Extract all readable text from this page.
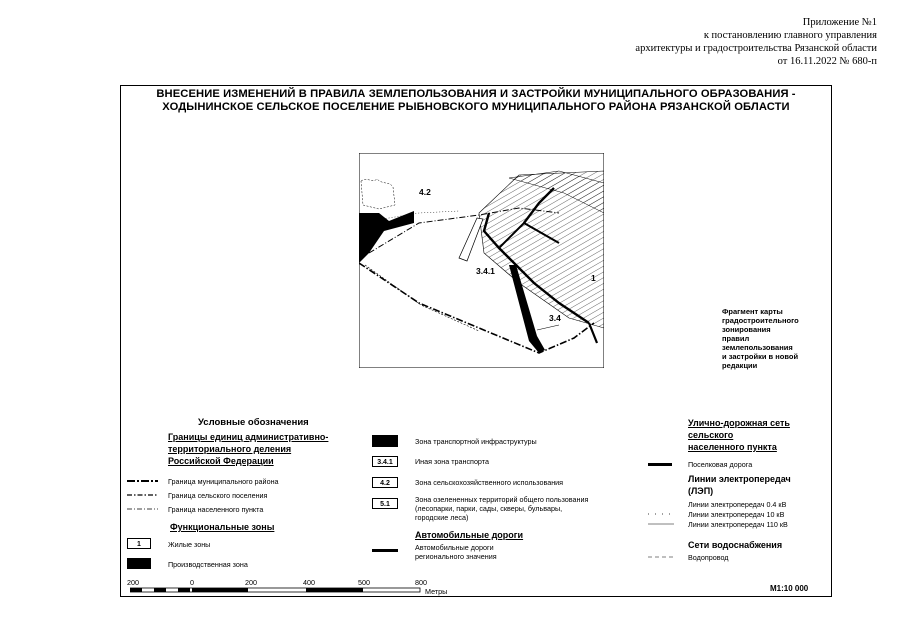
Приложение №1
к постановлению главного управления
архитектуры и градостроительства Рязанской области
от 16.11.2022 № 680-п
ВНЕСЕНИЕ ИЗМЕНЕНИЙ В ПРАВИЛА ЗЕМЛЕПОЛЬЗОВАНИЯ И ЗАСТРОЙКИ МУНИЦИПАЛЬНОГО ОБРАЗОВАНИЯ -
ХОДЫНИНСКОЕ СЕЛЬСКОЕ ПОСЕЛЕНИЕ РЫБНОВСКОГО МУНИЦИПАЛЬНОГО РАЙОНА РЯЗАНСКОЙ ОБЛАСТИ
Фрагмент карты градостроительного зонирования
правил землепользования и застройки в новой редакции
4.2
3.4.1
3.4
1
Условные обозначения
Границы единиц административно-
территориального деления
Российской Федерации
Граница муниципального района
Граница сельского поселения
Граница населенного пункта
Функциональные зоны
1	Жилые зоны
Производственная зона
Зона транспортной инфраструктуры
3.4.1	Иная зона транспорта
4.2	Зона сельскохозяйственного использования
5.1
Зона озелененных территорий общего пользования
(лесопарки, парки, сады, скверы, бульвары,
городские леса)
Автомобильные дороги
Автомобильные дороги
регионального значения
Улично-дорожная сеть
сельского
населенного пункта
Поселковая дорога
Линии электропередач
(ЛЭП)
Линии электропередач 0.4 кВ
Линии электропередач 10 кВ
Линии электропередач 110 кВ
Сети водоснабжения
Водопровод
200	0	200	400	500	800
Метры	М1:10 000
